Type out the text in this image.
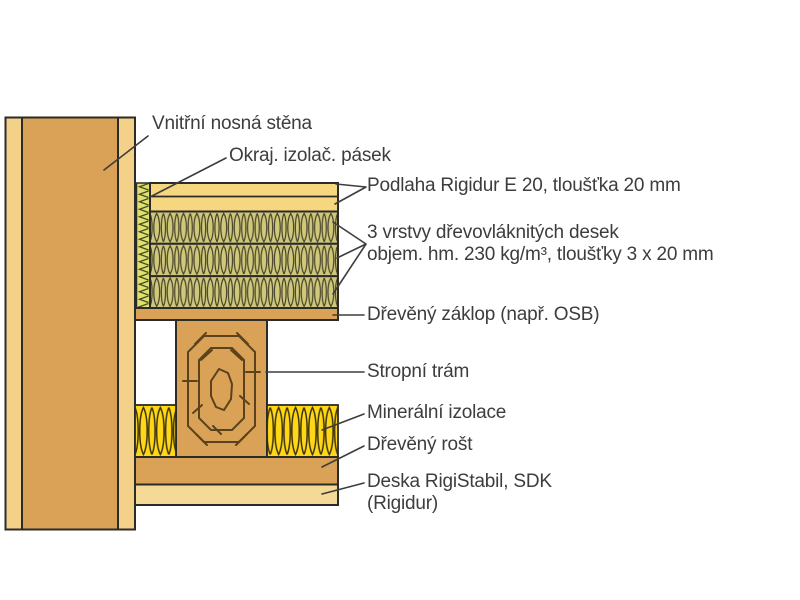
Vnitřní nosná stěna
Okraj. izolač. pásek
Podlaha Rigidur E 20, tloušťka 20 mm
3 vrstvy dřevovláknitých desek
objem. hm. 230 kg/m³, tloušťky 3 x 20 mm
Dřevěný záklop (např. OSB)
Stropní trám
Minerální izolace
Dřevěný rošt
Deska RigiStabil, SDK
(Rigidur)
